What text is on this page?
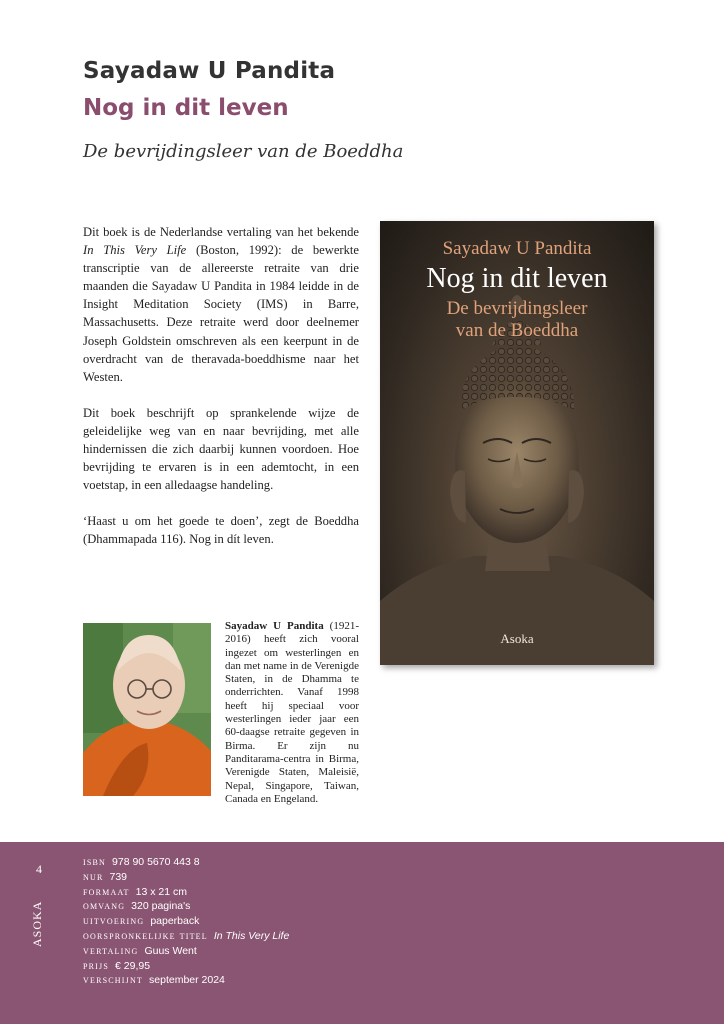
Sayadaw U Pandita
Nog in dit leven
De bevrijdingsleer van de Boeddha

Dit boek is de Nederlandse vertaling van het bekende In This Very Life (Boston, 1992): de bewerkte transcriptie van de allereerste retraite van drie maanden die Sayadaw U Pandita in 1984 leidde in de Insight Meditation Society (IMS) in Barre, Massachusetts. Deze retraite werd door deelnemer Joseph Goldstein omschreven als een keerpunt in de overdracht van de theravada-boeddhisme naar het Westen.

Dit boek beschrijft op sprankelende wijze de geleidelijke weg van en naar bevrijding, met alle hindernissen die zich daarbij kunnen voordoen. Hoe bevrijding te ervaren is in een ademtocht, in een voetstap, in een alledaagse handeling.

‘Haast u om het goede te doen’, zegt de Boeddha (Dhammapada 116). Nog in dít leven.

Sayadaw U Pandita
Nog in dit leven
De bevrijdingsleer
van de Boeddha
Asoka
Sayadaw U Pandita (1921-2016) heeft zich vooral ingezet om westerlingen en dan met name in de Verenigde Staten, in de Dhamma te onderrichten. Vanaf 1998 heeft hij speciaal voor westerlingen ieder jaar een 60-daagse retraite gegeven in Birma. Er zijn nu Panditarama-centra in Birma, Verenigde Staten, Maleisië, Nepal, Singapore, Taiwan, Canada en Engeland.
4
ASOKA
isbn 978 90 5670 443 8
nur 739
formaat 13 x 21 cm
omvang 320 pagina's
uitvoering paperback
oorspronkelijke titel In This Very Life
vertaling Guus Went
prijs € 29,95
verschijnt september 2024
